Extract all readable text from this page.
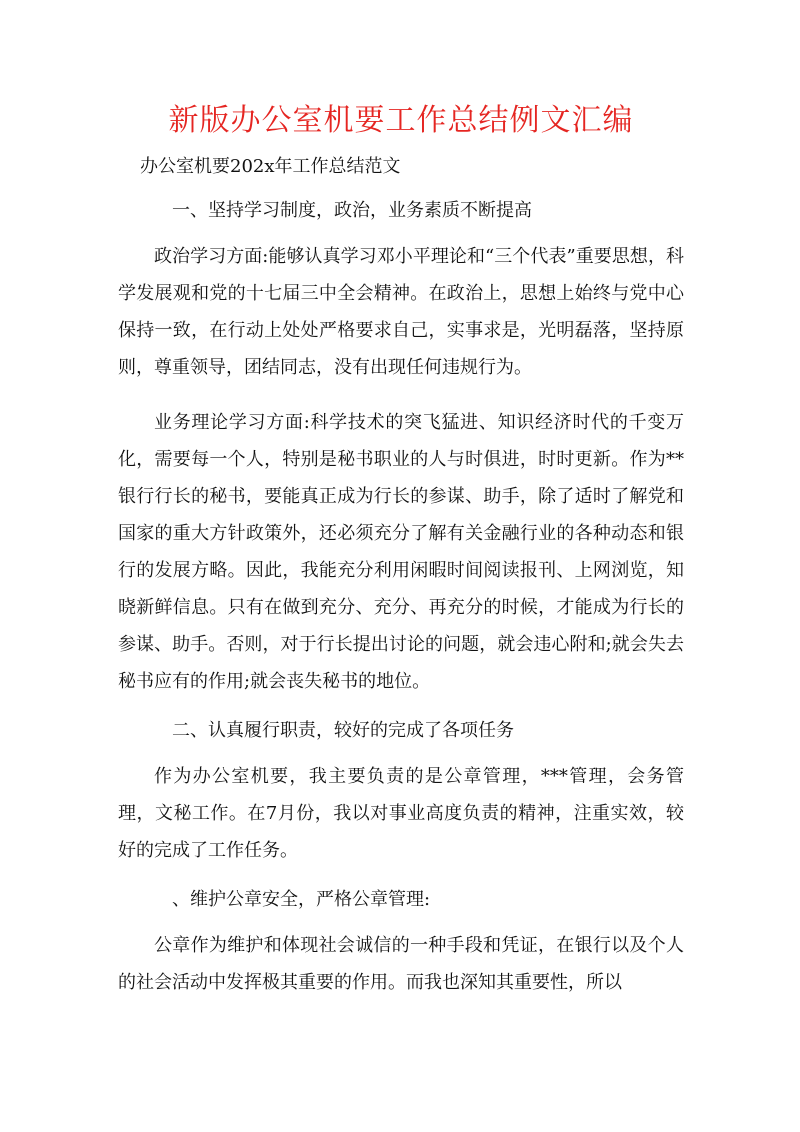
新版办公室机要工作总结例文汇编

办公室机要202x年工作总结范文

一、坚持学习制度，政治，业务素质不断提高

政治学习方面:能够认真学习邓小平理论和“三个代表”重要思想，科学发展观和党的十七届三中全会精神。在政治上，思想上始终与党中心保持一致，在行动上处处严格要求自己，实事求是，光明磊落，坚持原则，尊重领导，团结同志，没有出现任何违规行为。

业务理论学习方面:科学技术的突飞猛进、知识经济时代的千变万化，需要每一个人，特别是秘书职业的人与时俱进，时时更新。作为**银行行长的秘书，要能真正成为行长的参谋、助手，除了适时了解党和国家的重大方针政策外，还必须充分了解有关金融行业的各种动态和银行的发展方略。因此，我能充分利用闲暇时间阅读报刊、上网浏览，知晓新鲜信息。只有在做到充分、充分、再充分的时候，才能成为行长的参谋、助手。否则，对于行长提出讨论的问题，就会违心附和;就会失去秘书应有的作用;就会丧失秘书的地位。

二、认真履行职责，较好的完成了各项任务

作为办公室机要，我主要负责的是公章管理，***管理，会务管理，文秘工作。在7月份，我以对事业高度负责的精神，注重实效，较好的完成了工作任务。

、维护公章安全，严格公章管理:

公章作为维护和体现社会诚信的一种手段和凭证，在银行以及个人的社会活动中发挥极其重要的作用。而我也深知其重要性，所以
